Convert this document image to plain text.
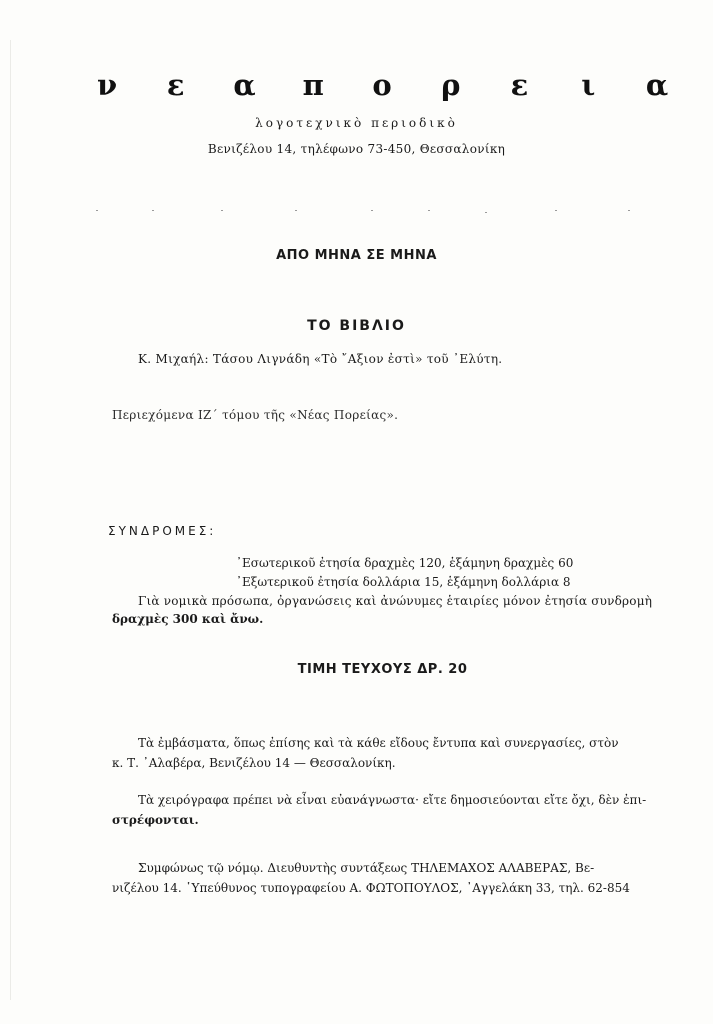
ν ε α π ο ρ ε ι α
λογοτεχνικὸ περιοδικὸ
Βενιζέλου 14, τηλέφωνο 73-450, Θεσσαλονίκη
ΑΠΟ ΜΗΝΑ ΣΕ ΜΗΝΑ
ΤΟ ΒΙΒΛΙΟ
Κ. Μιχαήλ: Τάσου Λιγνάδη «Τὸ ῎Αξιον ἐστὶ» τοῦ ᾿Ελύτη.
Περιεχόμενα ΙΖ΄ τόμου τῆς «Νέας Πορείας».
ΣΥΝΔΡΟΜΕΣ:
᾿Εσωτερικοῦ ἐτησία δραχμὲς 120, ἑξάμηνη δραχμὲς 60
᾿Εξωτερικοῦ ἐτησία δολλάρια 15, ἑξάμηνη δολλάρια 8
Γιὰ νομικὰ πρόσωπα, ὀργανώσεις καὶ ἀνώνυμες ἑταιρίες μόνον ἐτησία συνδρομὴ
δραχμὲς 300 καὶ ἄνω.
ΤΙΜΗ ΤΕΥΧΟΥΣ ΔΡ. 20
Τὰ ἐμβάσματα, ὅπως ἐπίσης καὶ τὰ κάθε εἴδους ἔντυπα καὶ συνεργασίες, στὸν
κ. Τ. ᾿Αλαβέρα, Βενιζέλου 14 — Θεσσαλονίκη.
Τὰ χειρόγραφα πρέπει νὰ εἶναι εὐανάγνωστα· εἴτε δημοσιεύονται εἴτε ὄχι, δὲν ἐπι-
στρέφονται.
Συμφώνως τῷ νόμῳ. Διευθυντὴς συντάξεως ΤΗΛΕΜΑΧΟΣ ΑΛΑΒΕΡΑΣ, Βε-
νιζέλου 14. ῾Υπεύθυνος τυπογραφείου Α. ΦΩΤΟΠΟΥΛΟΣ, ᾿Αγγελάκη 33, τηλ. 62-854
